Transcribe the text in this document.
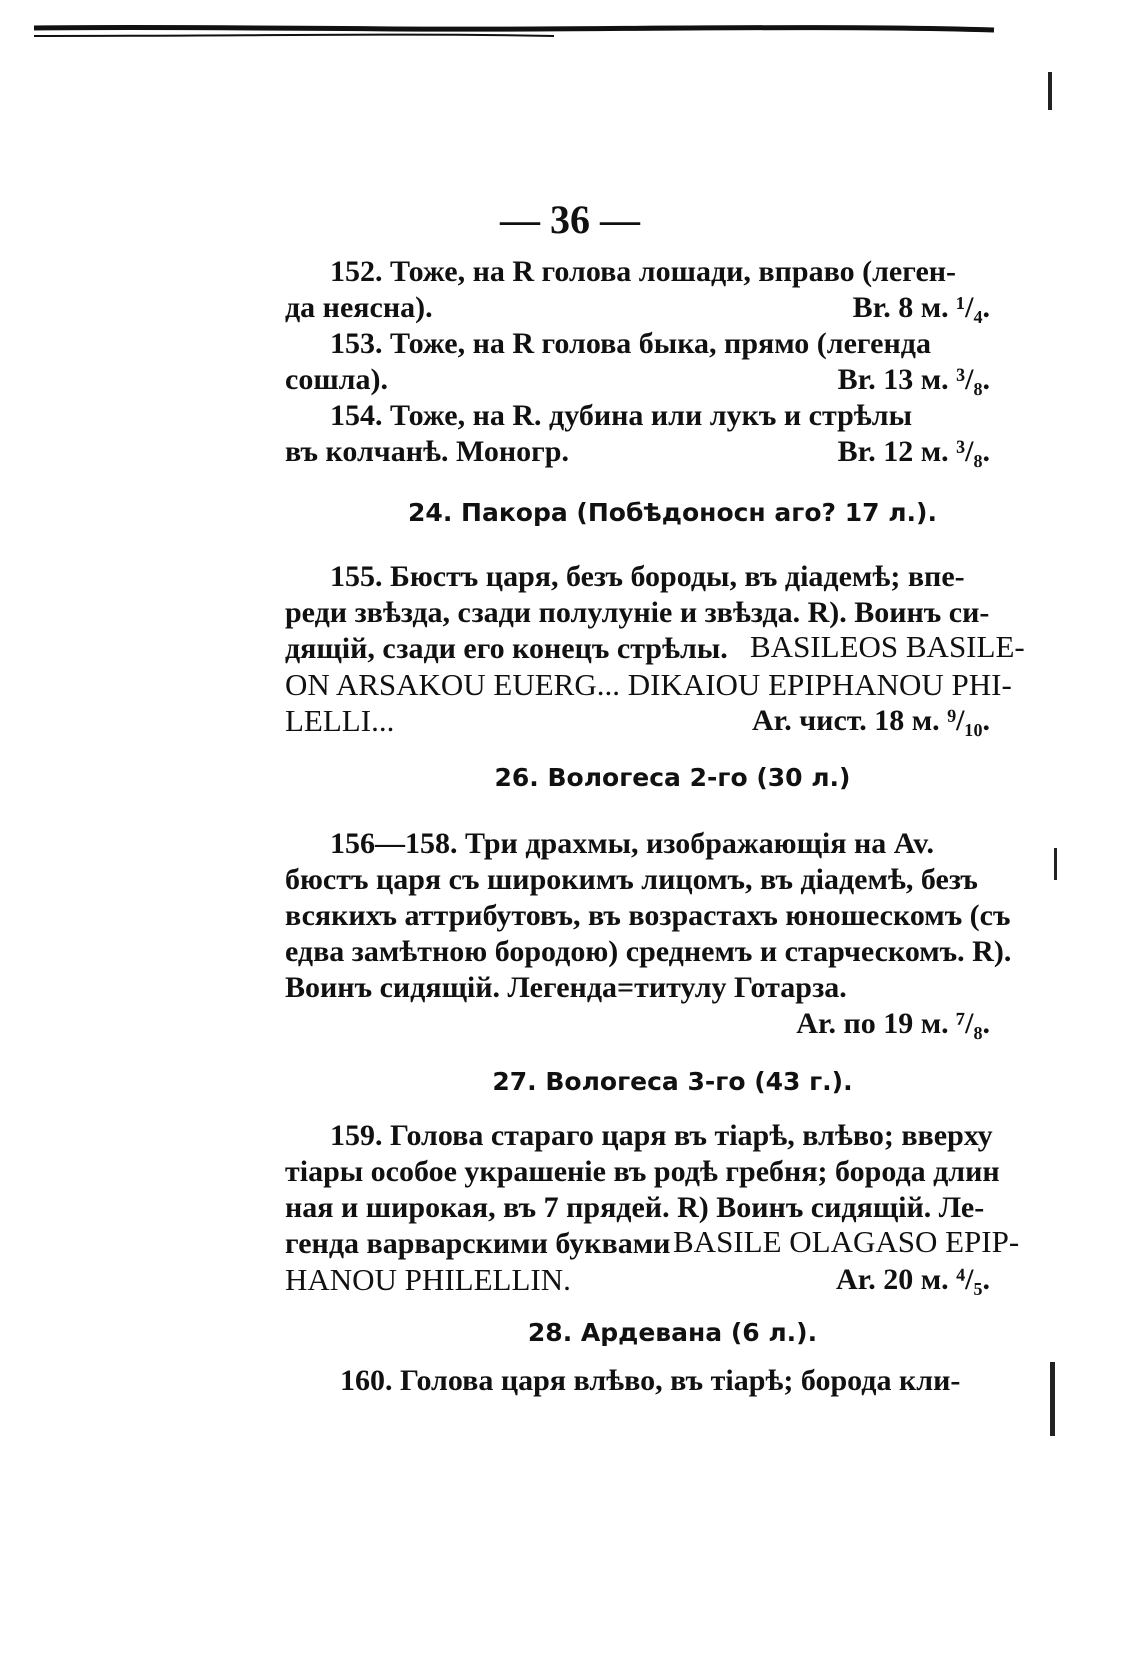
— 36 —

152. Тоже, на R голова лошади, вправо (леген-

да неясна).	Br. 8 м. ¹/₄.

153. Тоже, на R голова быка, прямо (легенда

сошла).	Br. 13 м. ³/₈.

154. Тоже, на R. дубина или лукъ и стрѣлы

въ колчанѣ. Моногр.	Br. 12 м. ³/₈.

24. Пакора (Побѣдоносн аго? 17 л.).

155. Бюстъ царя, безъ бороды, въ діадемѣ; впе-

реди звѣзда, сзади полулуніе и звѣзда. R). Воинъ си-

дящій, сзади его конецъ стрѣлы. BASILEOS BASILE-

ON ARSAKOU EUERG... DIKAIOU EPIPHANOU PHI-

LELLI...	Ar. чист. 18 м. ⁹/₁₀.

26. Вологеса 2-го (30 л.)

156—158. Три драхмы, изображающія на Av.

бюстъ царя съ широкимъ лицомъ, въ діадемѣ, безъ

всякихъ аттрибутовъ, въ возрастахъ юношескомъ (съ

едва замѣтною бородою) среднемъ и старческомъ. R).

Воинъ сидящій. Легенда=титулу Готарза.

Ar. по 19 м. ⁷/₈.

27. Вологеса 3-го (43 г.).

159. Голова стараго царя въ тіарѣ, влѣво; вверху

тіары особое украшеніе въ родѣ гребня; борода длин

ная и широкая, въ 7 прядей. R) Воинъ сидящій. Ле-

генда варварскими буквами BASILE OLAGASO EPIP-

HANOU PHILELLIN.	Ar. 20 м. ⁴/₅.

28. Ардевана (6 л.).

160. Голова царя влѣво, въ тіарѣ; борода кли-
